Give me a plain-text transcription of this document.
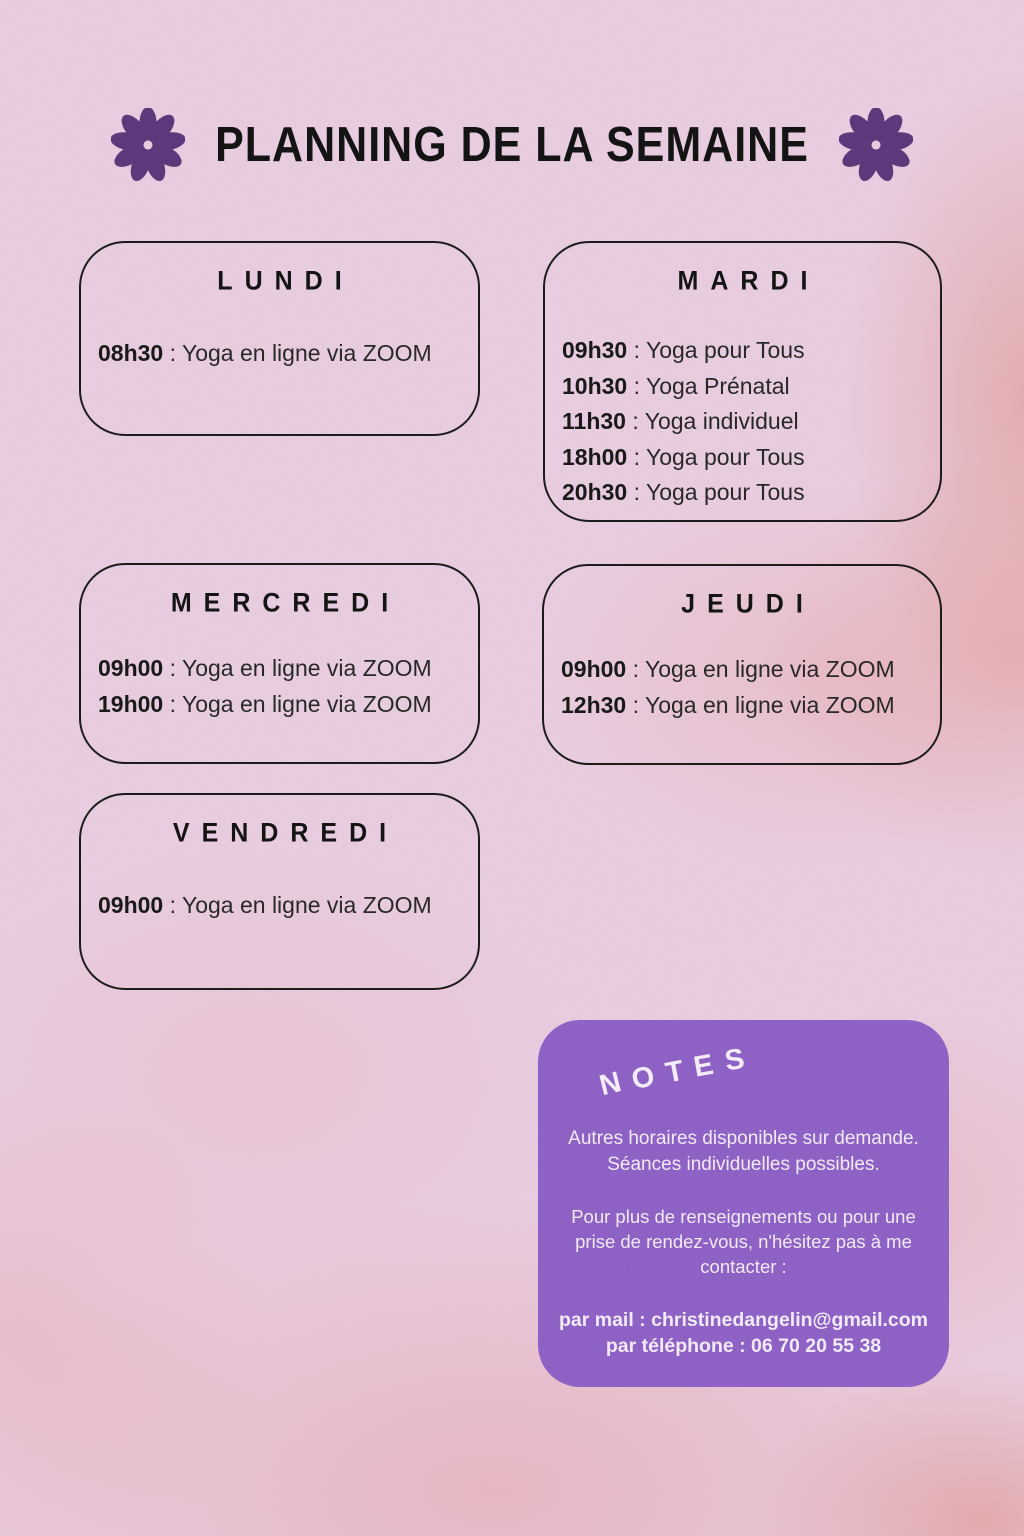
PLANNING DE LA SEMAINE
LUNDI
08h30 : Yoga en ligne via ZOOM
MARDI
09h30 : Yoga pour Tous
10h30 : Yoga Prénatal
11h30 : Yoga individuel
18h00 : Yoga pour Tous
20h30 : Yoga pour Tous
MERCREDI
09h00 : Yoga en ligne via ZOOM
19h00 : Yoga en ligne via ZOOM
JEUDI
09h00 : Yoga en ligne via ZOOM
12h30 : Yoga en ligne via ZOOM
VENDREDI
09h00 : Yoga en ligne via ZOOM
NO T E S
Autres horaires disponibles sur demande.
Séances individuelles possibles.
Pour plus de renseignements ou pour une
prise de rendez-vous, n'hésitez pas à me
contacter :
par mail : christinedangelin@gmail.com
par téléphone : 06 70 20 55 38
